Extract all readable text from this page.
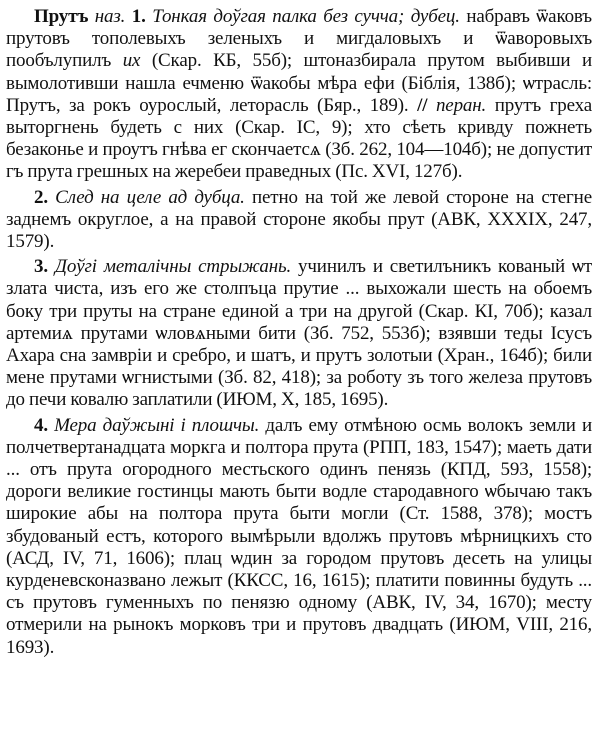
Прутъ наз. 1. Тонкая доўгая палка без сучча; дубец. набравъ ѿаковъ прутовъ тополевыхъ зеленыхъ и мигдаловыхъ и ѿаворовыхъ пообълупилъ их (Скар. КБ, 55б); штоназбирала прутом выбивши и вымолотивши нашла ечменю ѿакобы мѣра ефи (Біблія, 138б); ѡтрасль: Прутъ, за рокъ оурослый, леторасль (Бяр., 189). // перан. прутъ греха выторгнень будеть с них (Скар. ІС, 9); хто сѣеть кривду пожнеть безаконье и проутъ гнѣва ег скончаетсѧ (Зб. 262, 104—104б); не допустит гъ прута грешных на жеребеи праведных (Пс. XVI, 127б).

2. След на целе ад дубца. петно на той же левой стороне на стегне заднемъ округлое, а на правой стороне якобы прут (АВК, XXXIX, 247, 1579).

3. Доўгі металічны стрыжань. учинилъ и светилъникъ кованый ѡт злата чиста, изъ его же столпъца прутие ... выхожали шесть на обоемъ боку три пруты на странe единой а три на другой (Скар. КІ, 70б); казал артемиѧ прутами ѡловѧными бити (Зб. 752, 553б); взявши теды Ісусъ Ахара сна замвріи и сребро, и шатъ, и прутъ золотыи (Хран., 164б); били мене прутами ѡгнистыми (Зб. 82, 418); за роботу зъ того железа прутовъ до печи ковалю заплатили (ИЮМ, X, 185, 1695).

4. Мера даўжыні і плошчы. далъ ему отмѣною осмь волокъ земли и полчетвертанадцата моркга и полтора прута (РПП, 183, 1547); маеть дати ... отъ прута огородного местьского одинъ пенязь (КПД, 593, 1558); дороги великие гостинцы мають быти водле стародавного ѡбычаю такъ широкие абы на полтора прута быти могли (Ст. 1588, 378); мостъ збудованый естъ, которого вымѣрыли вдолжъ прутовъ мѣрницкихъ сто (АСД, IV, 71, 1606); плац ѡдин за городом прутовъ десеть на улицы курденевсконазвано лежыт (ККСС, 16, 1615); платити повинны будуть ... съ прутовъ гуменныхъ по пенязю одному (АВК, IV, 34, 1670); месту отмерили на рынокъ морковъ три и прутовъ двадцать (ИЮМ, VIII, 216, 1693).
